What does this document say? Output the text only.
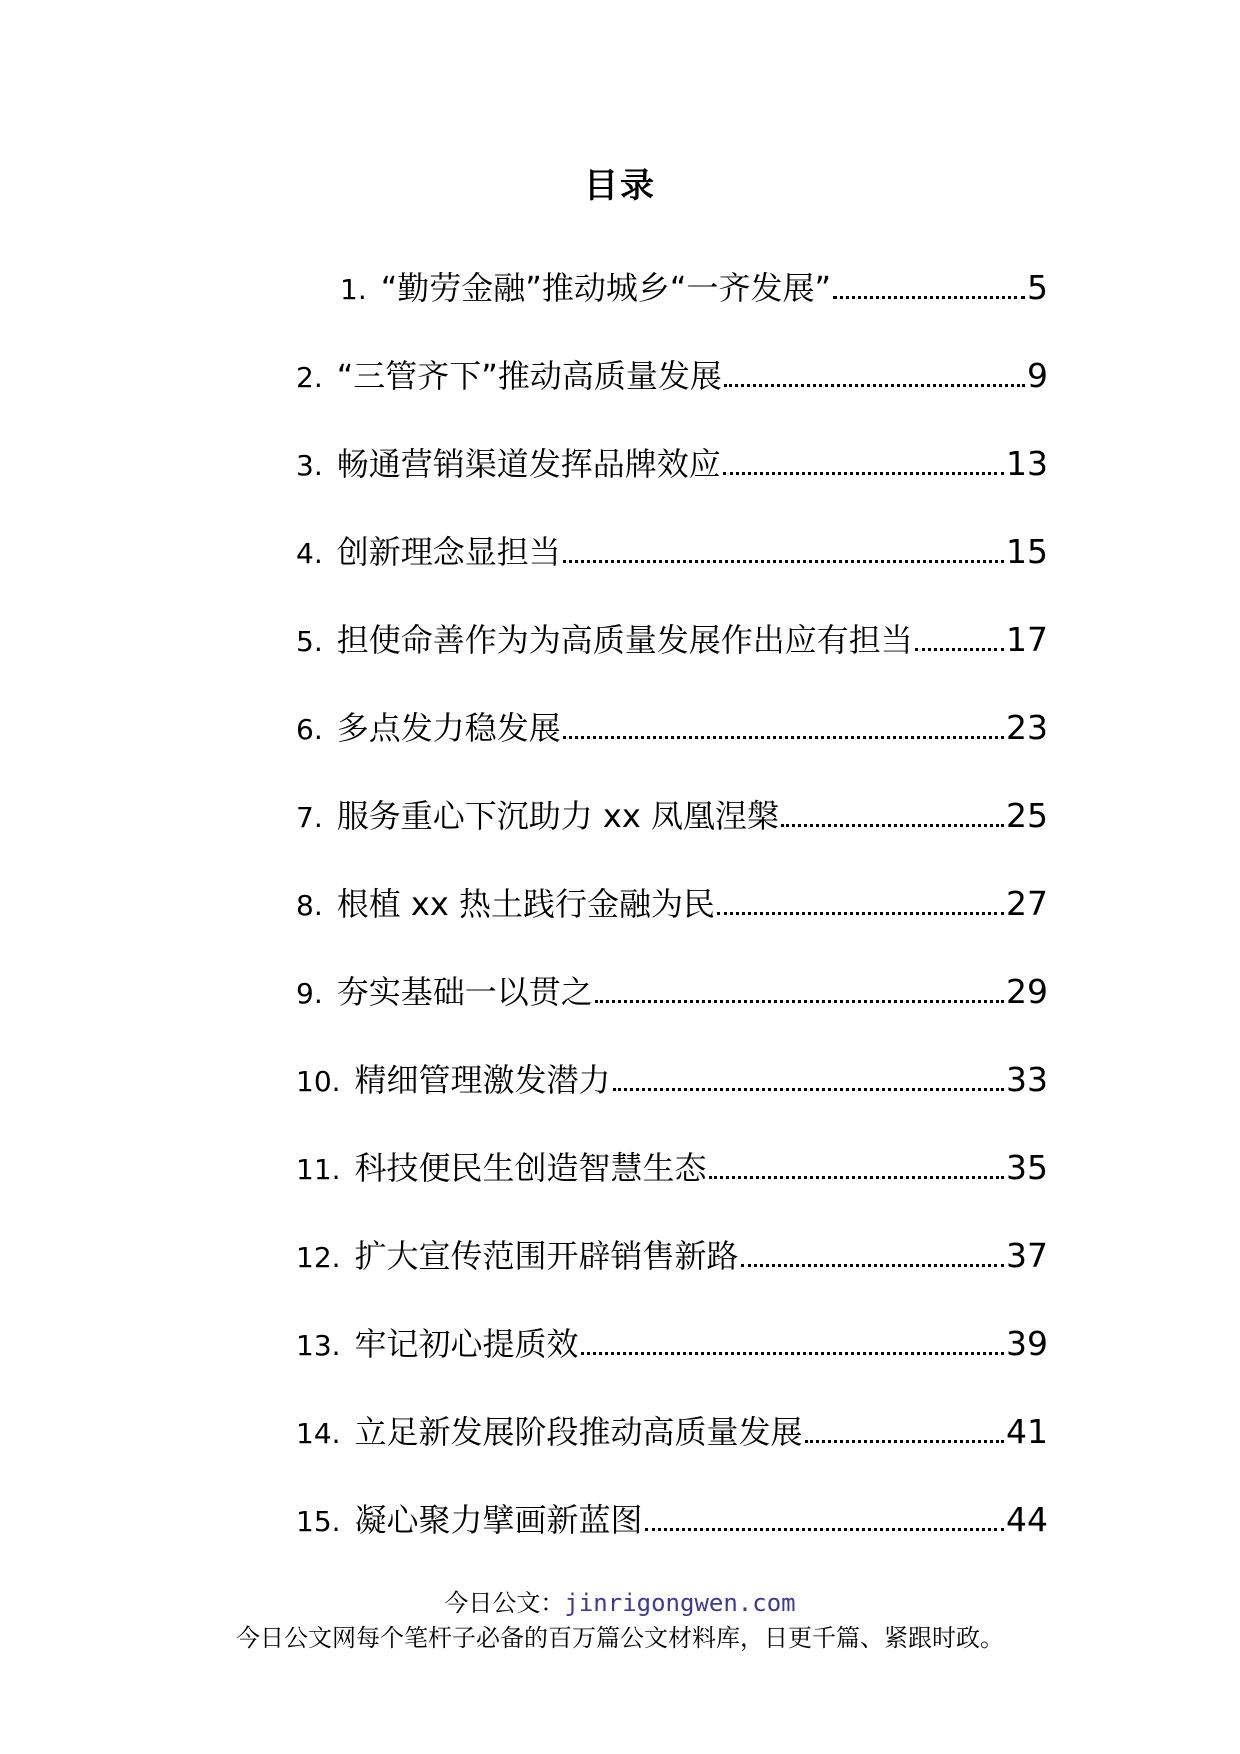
目录
1. “勤劳金融”推动城乡“一齐发展”	5
2. “三管齐下”推动高质量发展	9
3. 畅通营销渠道发挥品牌效应	13
4. 创新理念显担当	15
5. 担使命善作为为高质量发展作出应有担当	17
6. 多点发力稳发展	23
7. 服务重心下沉助力 xx 凤凰涅槃	25
8. 根植 xx 热土践行金融为民	27
9. 夯实基础一以贯之	29
10. 精细管理激发潜力	33
11. 科技便民生创造智慧生态	35
12. 扩大宣传范围开辟销售新路	37
13. 牢记初心提质效	39
14. 立足新发展阶段推动高质量发展	41
15. 凝心聚力擘画新蓝图	44
今日公文：jinrigongwen.com
今日公文网每个笔杆子必备的百万篇公文材料库，日更千篇、紧跟时政。
